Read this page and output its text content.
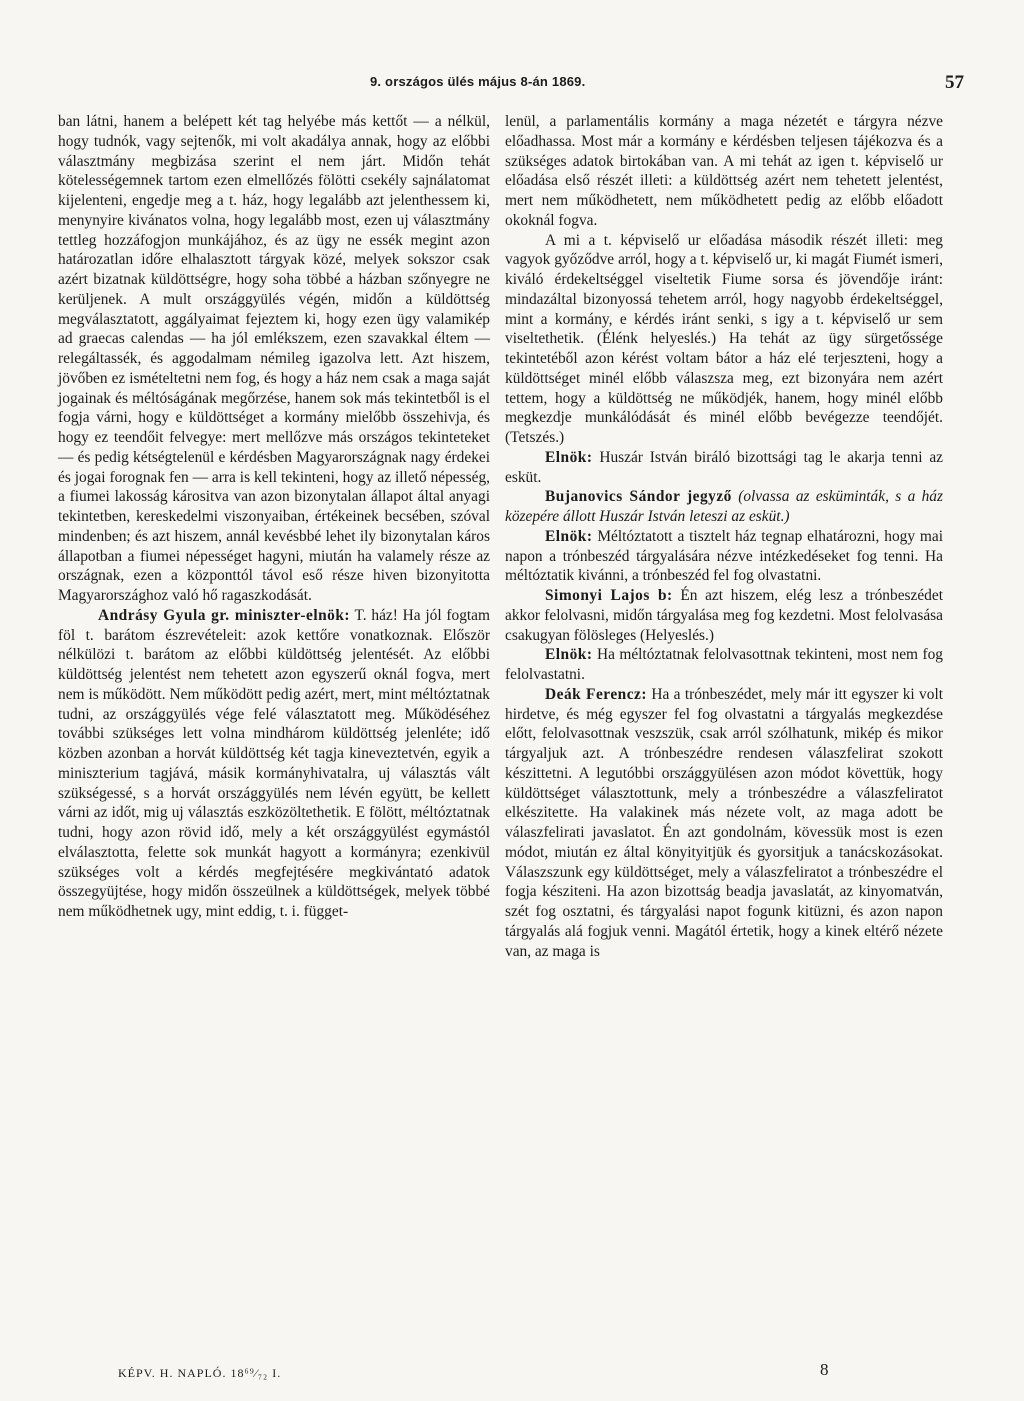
9. országos ülés május 8-án 1869.	57

ban látni, hanem a belépett két tag helyébe más kettőt — a nélkül, hogy tudnók, vagy sejtenők, mi volt akadálya annak, hogy az előbbi választmány megbizása szerint el nem járt. Midőn tehát kötelességemnek tartom ezen elmellőzés fölötti csekély sajnálatomat kijelenteni, engedje meg a t. ház, hogy legalább azt jelenthessem ki, menynyire kivánatos volna, hogy legalább most, ezen uj választmány tettleg hozzáfogjon munkájához, és az ügy ne essék megint azon határozatlan időre elhalasztott tárgyak közé, melyek sokszor csak azért bizatnak küldöttségre, hogy soha többé a házban szőnyegre ne kerüljenek. A mult országgyülés végén, midőn a küldöttség megválasztatott, aggályaimat fejeztem ki, hogy ezen ügy valamikép ad graecas calendas — ha jól emlékszem, ezen szavakkal éltem — relegáltassék, és aggodalmam némileg igazolva lett. Azt hiszem, jövőben ez ismételtetni nem fog, és hogy a ház nem csak a maga saját jogainak és méltóságának megőrzése, hanem sok más tekintetből is el fogja várni, hogy e küldöttséget a kormány mielőbb összehivja, és hogy ez teendőit felvegye: mert mellőzve más országos tekinteteket — és pedig kétségtelenül e kérdésben Magyarországnak nagy érdekei és jogai forognak fen — arra is kell tekinteni, hogy az illető népesség, a fiumei lakosság kárositva van azon bizonytalan állapot által anyagi tekintetben, kereskedelmi viszonyaiban, értékeinek becsében, szóval mindenben; és azt hiszem, annál kevésbbé lehet ily bizonytalan káros állapotban a fiumei népességet hagyni, miután ha valamely része az országnak, ezen a központtól távol eső része hiven bizonyitotta Magyarországhoz való hő ragaszkodását.

Andrásy Gyula gr. miniszter-elnök: T. ház! Ha jól fogtam föl t. barátom észrevételeit: azok kettőre vonatkoznak. Először nélkülözi t. barátom az előbbi küldöttség jelentését. Az előbbi küldöttség jelentést nem tehetett azon egyszerű oknál fogva, mert nem is működött. Nem működött pedig azért, mert, mint méltóztatnak tudni, az országgyülés vége felé választatott meg. Működéséhez további szükséges lett volna mindhárom küldöttség jelenléte; idő közben azonban a horvát küldöttség két tagja kineveztetvén, egyik a miniszterium tagjává, másik kormányhivatalra, uj választás vált szükségessé, s a horvát országgyülés nem lévén együtt, be kellett várni az időt, mig uj választás eszközöltethetik. E fölött, méltóztatnak tudni, hogy azon rövid idő, mely a két országgyülést egymástól elválasztotta, felette sok munkát hagyott a kormányra; ezenkivül szükséges volt a kérdés megfejtésére megkivántató adatok összegyüjtése, hogy midőn összeülnek a küldöttségek, melyek többé nem működhetnek ugy, mint eddig, t. i. függet-

lenül, a parlamentális kormány a maga nézetét e tárgyra nézve előadhassa. Most már a kormány e kérdésben teljesen tájékozva és a szükséges adatok birtokában van. A mi tehát az igen t. képviselő ur előadása első részét illeti: a küldöttség azért nem tehetett jelentést, mert nem működhetett, nem működhetett pedig az előbb előadott okoknál fogva.

A mi a t. képviselő ur előadása második részét illeti: meg vagyok győződve arról, hogy a t. képviselő ur, ki magát Fiumét ismeri, kiváló érdekeltséggel viseltetik Fiume sorsa és jövendője iránt: mindazáltal bizonyossá tehetem arról, hogy nagyobb érdekeltséggel, mint a kormány, e kérdés iránt senki, s igy a t. képviselő ur sem viseltethetik. (Élénk helyeslés.) Ha tehát az ügy sürgetőssége tekintetéből azon kérést voltam bátor a ház elé terjeszteni, hogy a küldöttséget minél előbb válaszsza meg, ezt bizonyára nem azért tettem, hogy a küldöttség ne működjék, hanem, hogy minél előbb megkezdje munkálódását és minél előbb bevégezze teendőjét. (Tetszés.)

Elnök: Huszár István biráló bizottsági tag le akarja tenni az esküt.

Bujanovics Sándor jegyző (olvassa az esküminták, s a ház közepére állott Huszár István leteszi az esküt.)

Elnök: Méltóztatott a tisztelt ház tegnap elhatározni, hogy mai napon a trónbeszéd tárgyalására nézve intézkedéseket fog tenni. Ha méltóztatik kivánni, a trónbeszéd fel fog olvastatni.

Simonyi Lajos b: Én azt hiszem, elég lesz a trónbeszédet akkor felolvasni, midőn tárgyalása meg fog kezdetni. Most felolvasása csakugyan fölösleges (Helyeslés.)

Elnök: Ha méltóztatnak felolvasottnak tekinteni, most nem fog felolvastatni.

Deák Ferencz: Ha a trónbeszédet, mely már itt egyszer ki volt hirdetve, és még egyszer fel fog olvastatni a tárgyalás megkezdése előtt, felolvasottnak veszszük, csak arról szólhatunk, mikép és mikor tárgyaljuk azt. A trónbeszédre rendesen válaszfelirat szokott készittetni. A legutóbbi országgyülésen azon módot követtük, hogy küldöttséget választottunk, mely a trónbeszédre a válaszfeliratot elkészitette. Ha valakinek más nézete volt, az maga adott be válaszfelirati javaslatot. Én azt gondolnám, kövessük most is ezen módot, miután ez által könyityitjük és gyorsitjuk a tanácskozásokat. Válaszszunk egy küldöttséget, mely a válaszfeliratot a trónbeszédre el fogja késziteni. Ha azon bizottság beadja javaslatát, az kinyomatván, szét fog osztatni, és tárgyalási napot fogunk kitüzni, és azon napon tárgyalás alá fogjuk venni. Magától értetik, hogy a kinek eltérő nézete van, az maga is

KÉPV. H. NAPLÓ. 18⁶⁹⁄₇₂ I.	8
